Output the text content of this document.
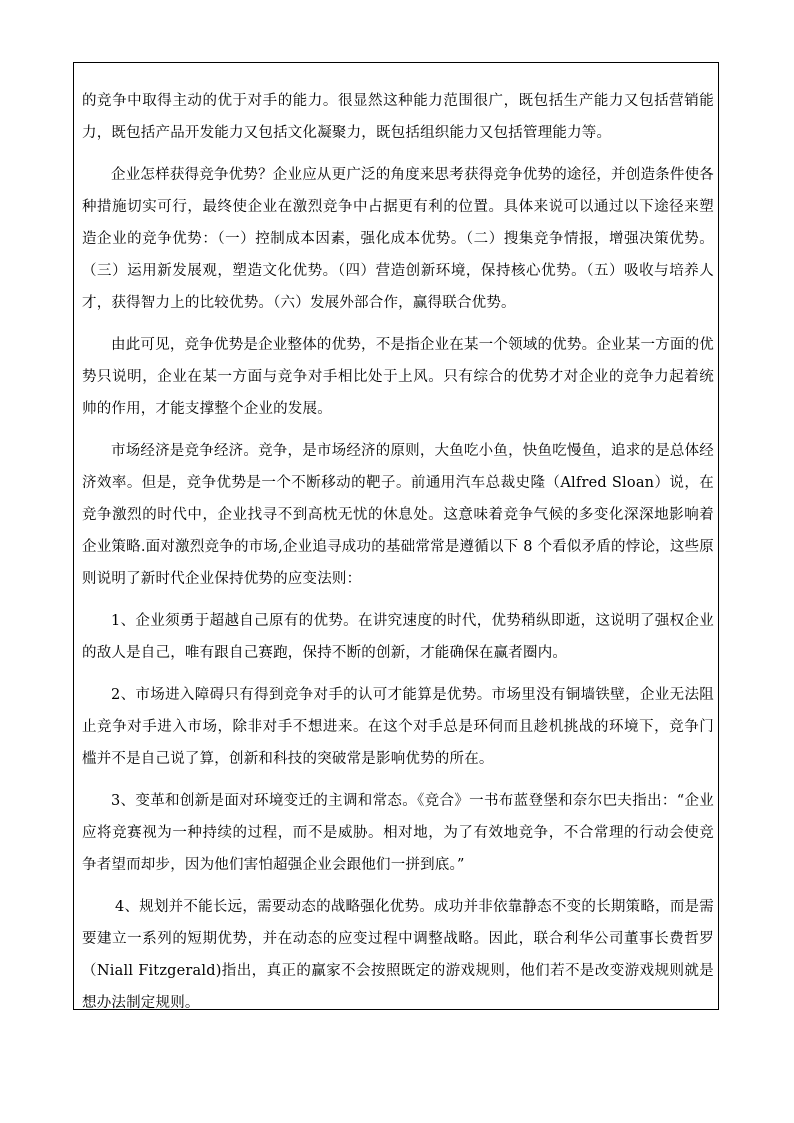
的竞争中取得主动的优于对手的能力。很显然这种能力范围很广，既包括生产能力又包括营销能力，既包括产品开发能力又包括文化凝聚力，既包括组织能力又包括管理能力等。

企业怎样获得竞争优势？企业应从更广泛的角度来思考获得竞争优势的途径，并创造条件使各种措施切实可行，最终使企业在激烈竞争中占据更有利的位置。具体来说可以通过以下途径来塑造企业的竞争优势：（一）控制成本因素，强化成本优势。（二）搜集竞争情报，增强决策优势。（三）运用新发展观，塑造文化优势。（四）营造创新环境，保持核心优势。（五）吸收与培养人才，获得智力上的比较优势。（六）发展外部合作，赢得联合优势。

由此可见，竞争优势是企业整体的优势，不是指企业在某一个领域的优势。企业某一方面的优势只说明，企业在某一方面与竞争对手相比处于上风。只有综合的优势才对企业的竞争力起着统帅的作用，才能支撑整个企业的发展。

市场经济是竞争经济。竞争，是市场经济的原则，大鱼吃小鱼，快鱼吃慢鱼，追求的是总体经济效率。但是，竞争优势是一个不断移动的靶子。前通用汽车总裁史隆（Alfred Sloan）说，在竞争激烈的时代中，企业找寻不到高枕无忧的休息处。这意味着竞争气候的多变化深深地影响着企业策略.面对激烈竞争的市场,企业追寻成功的基础常常是遵循以下 8 个看似矛盾的悖论，这些原则说明了新时代企业保持优势的应变法则：

1、企业须勇于超越自己原有的优势。在讲究速度的时代，优势稍纵即逝，这说明了强权企业的敌人是自己，唯有跟自己赛跑，保持不断的创新，才能确保在赢者圈内。

2、市场进入障碍只有得到竞争对手的认可才能算是优势。市场里没有铜墙铁壁，企业无法阻止竞争对手进入市场，除非对手不想进来。在这个对手总是环伺而且趁机挑战的环境下，竞争门槛并不是自己说了算，创新和科技的突破常是影响优势的所在。

3、变革和创新是面对环境变迁的主调和常态。《竞合》一书布蓝登堡和奈尔巴夫指出：“企业应将竞赛视为一种持续的过程，而不是威胁。相对地，为了有效地竞争，不合常理的行动会使竞争者望而却步，因为他们害怕超强企业会跟他们一拼到底。”

4、规划并不能长远，需要动态的战略强化优势。成功并非依靠静态不变的长期策略，而是需要建立一系列的短期优势，并在动态的应变过程中调整战略。因此，联合利华公司董事长费哲罗（Niall Fitzgerald)指出，真正的赢家不会按照既定的游戏规则，他们若不是改变游戏规则就是想办法制定规则。
